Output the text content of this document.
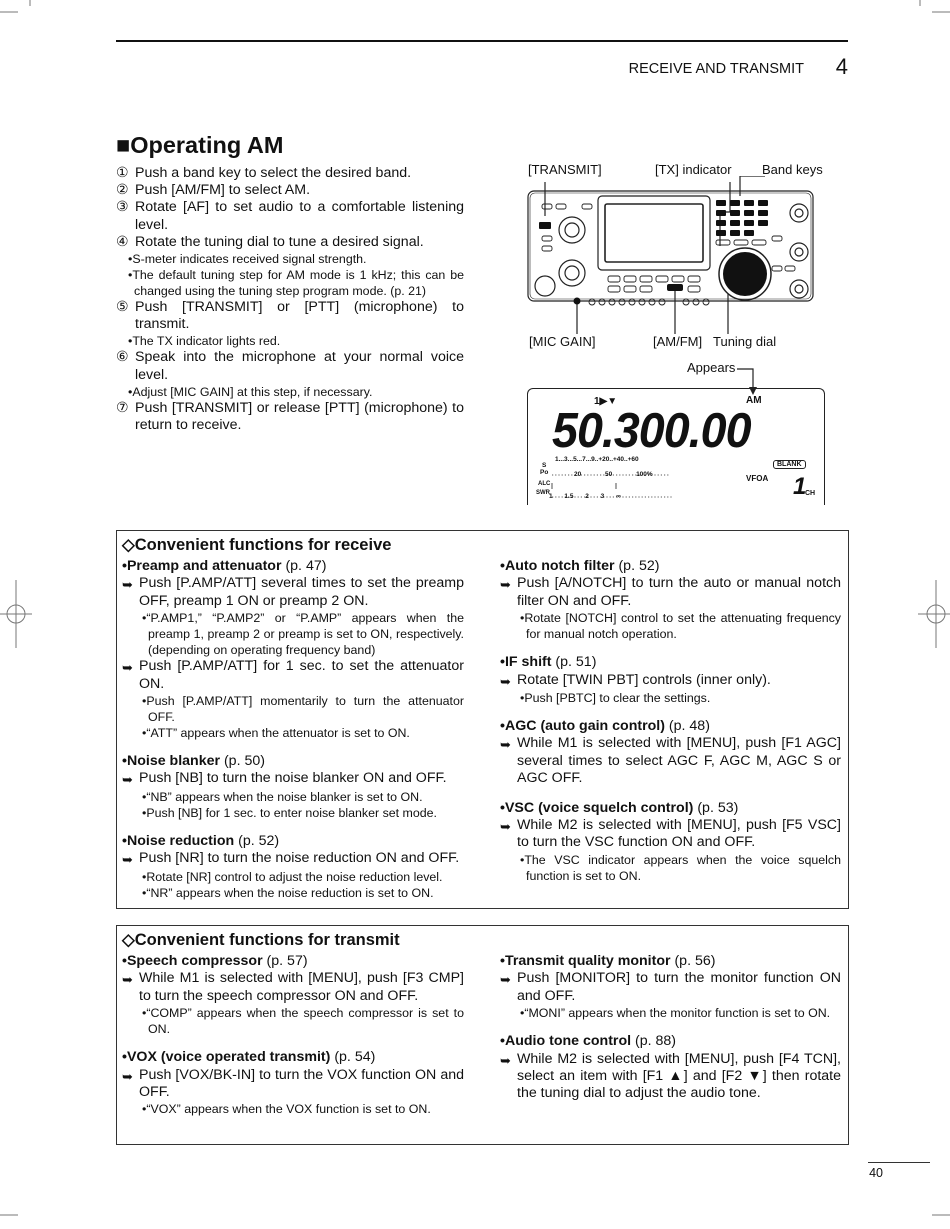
RECEIVE AND TRANSMIT 4
■Operating AM
① Push a band key to select the desired band.
② Push [AM/FM] to select AM.
③ Rotate [AF] to set audio to a comfortable listening level.
④ Rotate the tuning dial to tune a desired signal.
•S-meter indicates received signal strength.
•The default tuning step for AM mode is 1 kHz; this can be changed using the tuning step program mode. (p. 21)
⑤ Push [TRANSMIT] or [PTT] (microphone) to transmit.
•The TX indicator lights red.
⑥ Speak into the microphone at your normal voice level.
•Adjust [MIC GAIN] at this step, if necessary.
⑦ Push [TRANSMIT] or release [PTT] (microphone) to return to receive.
[TRANSMIT]	[TX] indicator Band keys
[MIC GAIN]	[AM/FM] Tuning dial
Appears
1▶▼	AM
50.300.00
1...3...5...7...9..+20..+40..+60
S
Po
ALC
SWR
20 50 100%
1 1.5 2 3 ∞
BLANK
VFOA 1
CH
◇Convenient functions for receive
•Preamp and attenuator (p. 47)
➥ Push [P.AMP/ATT] several times to set the preamp OFF, preamp 1 ON or preamp 2 ON.
•“P.AMP1,” “P.AMP2” or “P.AMP” appears when the preamp 1, preamp 2 or preamp is set to ON, respectively. (depending on operating frequency band)
➥ Push [P.AMP/ATT] for 1 sec. to set the attenuator ON.
•Push [P.AMP/ATT] momentarily to turn the attenuator OFF.
•“ATT” appears when the attenuator is set to ON.
•Noise blanker (p. 50)
➥ Push [NB] to turn the noise blanker ON and OFF.
•“NB” appears when the noise blanker is set to ON.
•Push [NB] for 1 sec. to enter noise blanker set mode.
•Noise reduction (p. 52)
➥ Push [NR] to turn the noise reduction ON and OFF.
•Rotate [NR] control to adjust the noise reduction level.
•“NR” appears when the noise reduction is set to ON.
•Auto notch filter (p. 52)
➥ Push [A/NOTCH] to turn the auto or manual notch filter ON and OFF.
•Rotate [NOTCH] control to set the attenuating frequency for manual notch operation.
•IF shift (p. 51)
➥ Rotate [TWIN PBT] controls (inner only).
•Push [PBTC] to clear the settings.
•AGC (auto gain control) (p. 48)
➥ While M1 is selected with [MENU], push [F1 AGC] several times to select AGC F, AGC M, AGC S or AGC OFF.
•VSC (voice squelch control) (p. 53)
➥ While M2 is selected with [MENU], push [F5 VSC] to turn the VSC function ON and OFF.
•The VSC indicator appears when the voice squelch function is set to ON.
◇Convenient functions for transmit
•Speech compressor (p. 57)
➥ While M1 is selected with [MENU], push [F3 CMP] to turn the speech compressor ON and OFF.
•“COMP” appears when the speech compressor is set to ON.
•VOX (voice operated transmit) (p. 54)
➥ Push [VOX/BK-IN] to turn the VOX function ON and OFF.
•“VOX” appears when the VOX function is set to ON.
•Transmit quality monitor (p. 56)
➥ Push [MONITOR] to turn the monitor function ON and OFF.
•“MONI” appears when the monitor function is set to ON.
•Audio tone control (p. 88)
➥ While M2 is selected with [MENU], push [F4 TCN], select an item with [F1 ▲] and [F2 ▼] then rotate the tuning dial to adjust the audio tone.
40
